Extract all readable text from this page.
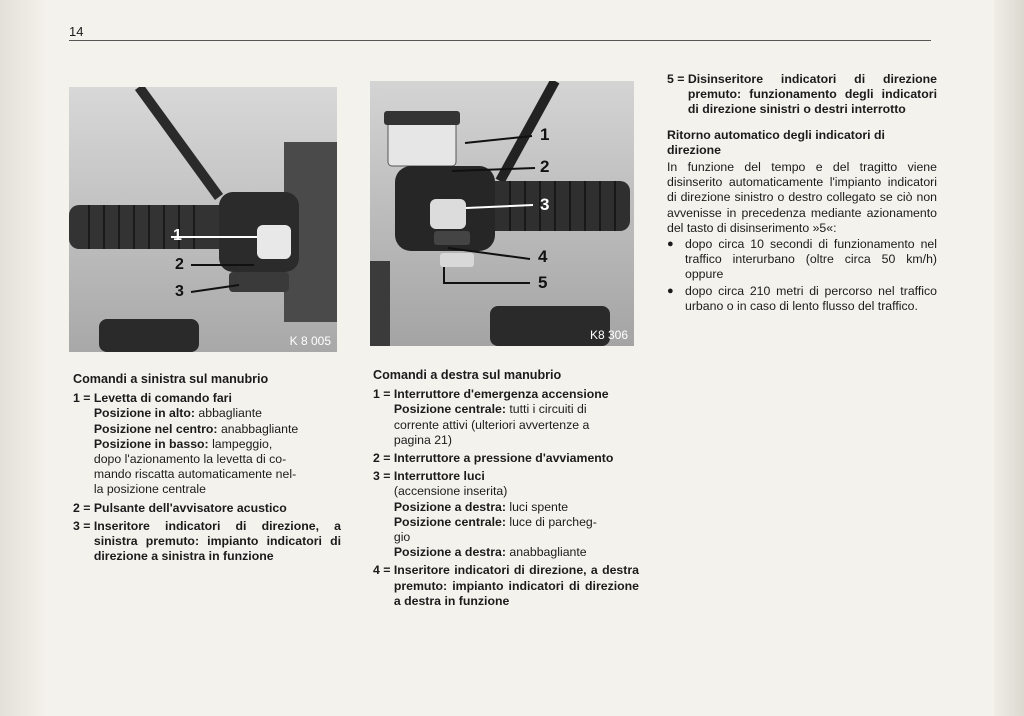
14
1
2
3
K 8 005
1
2
3
4
5
K8 306
Comandi a sinistra sul manubrio
1 = Levetta di comando fari
Posizione in alto: abbagliante
Posizione nel centro: anabbagliante
Posizione in basso: lampeggio,
dopo l'azionamento la levetta di co-
mando riscatta automaticamente nel-
la posizione centrale
2 = Pulsante dell'avvisatore acustico
3 = Inseritore indicatori di direzione, a sinistra premuto: impianto indicatori di direzione a sinistra in funzione
Comandi a destra sul manubrio
1 = Interruttore d'emergenza accensione
Posizione centrale: tutti i circuiti di
corrente attivi (ulteriori avvertenze a
pagina 21)
2 = Interruttore a pressione d'avviamento
3 = Interruttore luci
(accensione inserita)
Posizione a destra: luci spente
Posizione centrale: luce di parcheg-
gio
Posizione a destra: anabbagliante
4 = Inseritore indicatori di direzione, a destra premuto: impianto indicatori di direzione a destra in funzione
5 = Disinseritore indicatori di direzione premuto: funzionamento degli indicatori di direzione sinistri o destri interrotto
Ritorno automatico degli indicatori di direzione

In funzione del tempo e del tragitto viene disinserito automaticamente l'impianto indicatori di direzione sinistro o destro collegato se ciò non avvenisse in precedenza mediante azionamento del tasto di disinserimento »5«:

● dopo circa 10 secondi di funzionamento nel traffico interurbano (oltre circa 50 km/h) oppure
● dopo circa 210 metri di percorso nel traffico urbano o in caso di lento flusso del traffico.
